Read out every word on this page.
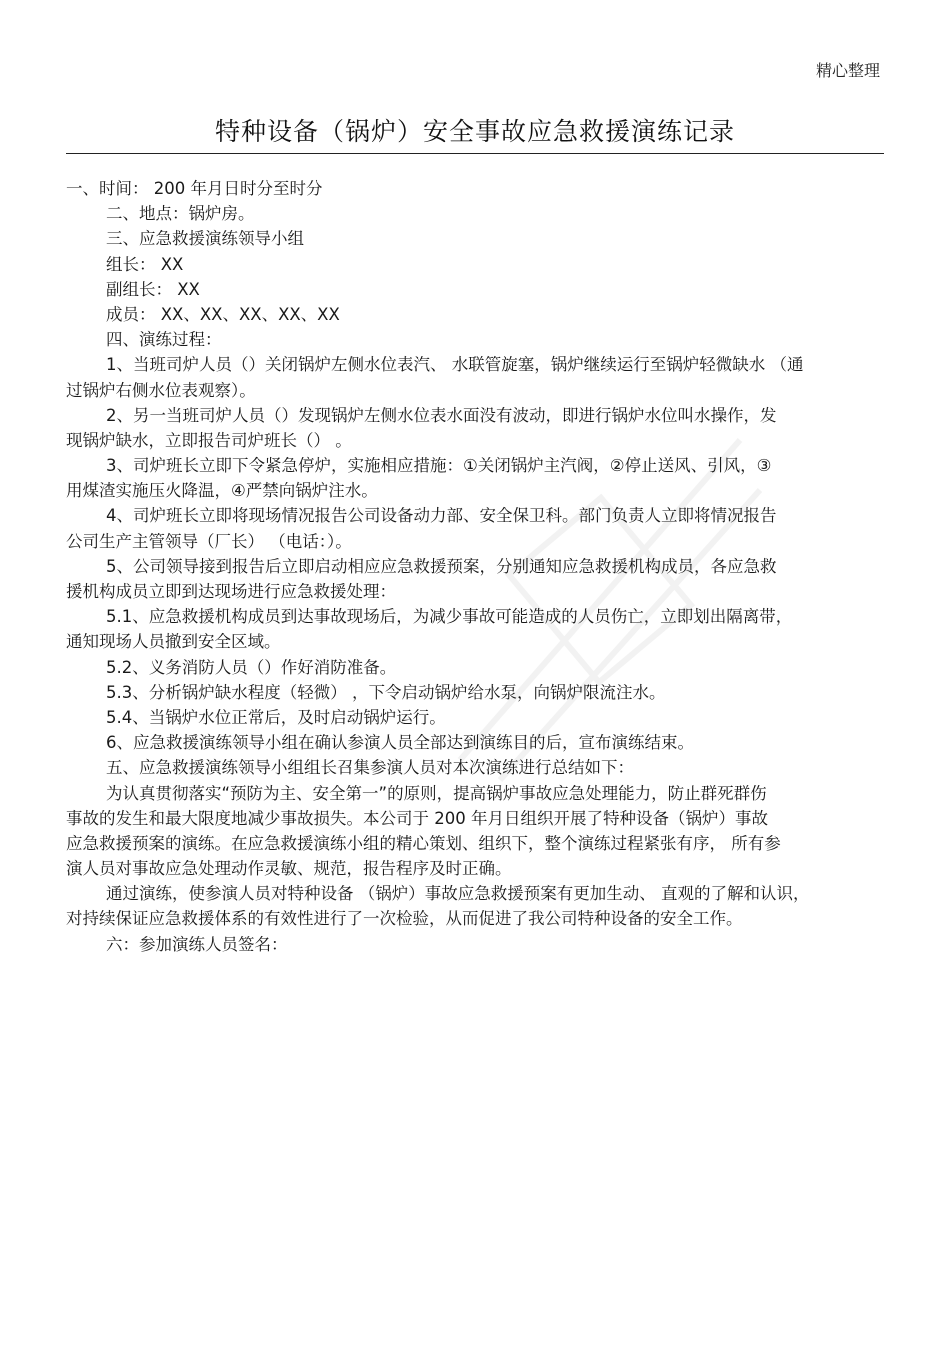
精心整理
特种设备（锅炉）安全事故应急救援演练记录
一、时间： 200 年月日时分至时分
二、地点：锅炉房。
三、应急救援演练领导小组
组长： XX
副组长： XX
成员： XX、XX、XX、XX、XX
四、演练过程：
1、当班司炉人员（）关闭锅炉左侧水位表汽、 水联管旋塞，锅炉继续运行至锅炉轻微缺水 （通
过锅炉右侧水位表观察）。
2、另一当班司炉人员（）发现锅炉左侧水位表水面没有波动，即进行锅炉水位叫水操作，发
现锅炉缺水，立即报告司炉班长（） 。
3、司炉班长立即下令紧急停炉，实施相应措施：①关闭锅炉主汽阀，②停止送风、引风，③
用煤渣实施压火降温，④严禁向锅炉注水。
4、司炉班长立即将现场情况报告公司设备动力部、安全保卫科。部门负责人立即将情况报告
公司生产主管领导（厂长） （电话：）。
5、公司领导接到报告后立即启动相应应急救援预案，分别通知应急救援机构成员，各应急救
援机构成员立即到达现场进行应急救援处理：
5.1、应急救援机构成员到达事故现场后，为减少事故可能造成的人员伤亡，立即划出隔离带，
通知现场人员撤到安全区域。
5.2、义务消防人员（）作好消防准备。
5.3、分析锅炉缺水程度（轻微） ，下令启动锅炉给水泵，向锅炉限流注水。
5.4、当锅炉水位正常后，及时启动锅炉运行。
6、应急救援演练领导小组在确认参演人员全部达到演练目的后，宣布演练结束。
五、应急救援演练领导小组组长召集参演人员对本次演练进行总结如下：
为认真贯彻落实“预防为主、安全第一”的原则，提高锅炉事故应急处理能力，防止群死群伤
事故的发生和最大限度地减少事故损失。本公司于 200 年月日组织开展了特种设备（锅炉）事故
应急救援预案的演练。在应急救援演练小组的精心策划、组织下，整个演练过程紧张有序， 所有参
演人员对事故应急处理动作灵敏、规范，报告程序及时正确。
通过演练，使参演人员对特种设备 （锅炉）事故应急救援预案有更加生动、 直观的了解和认识，
对持续保证应急救援体系的有效性进行了一次检验，从而促进了我公司特种设备的安全工作。
六：参加演练人员签名：
